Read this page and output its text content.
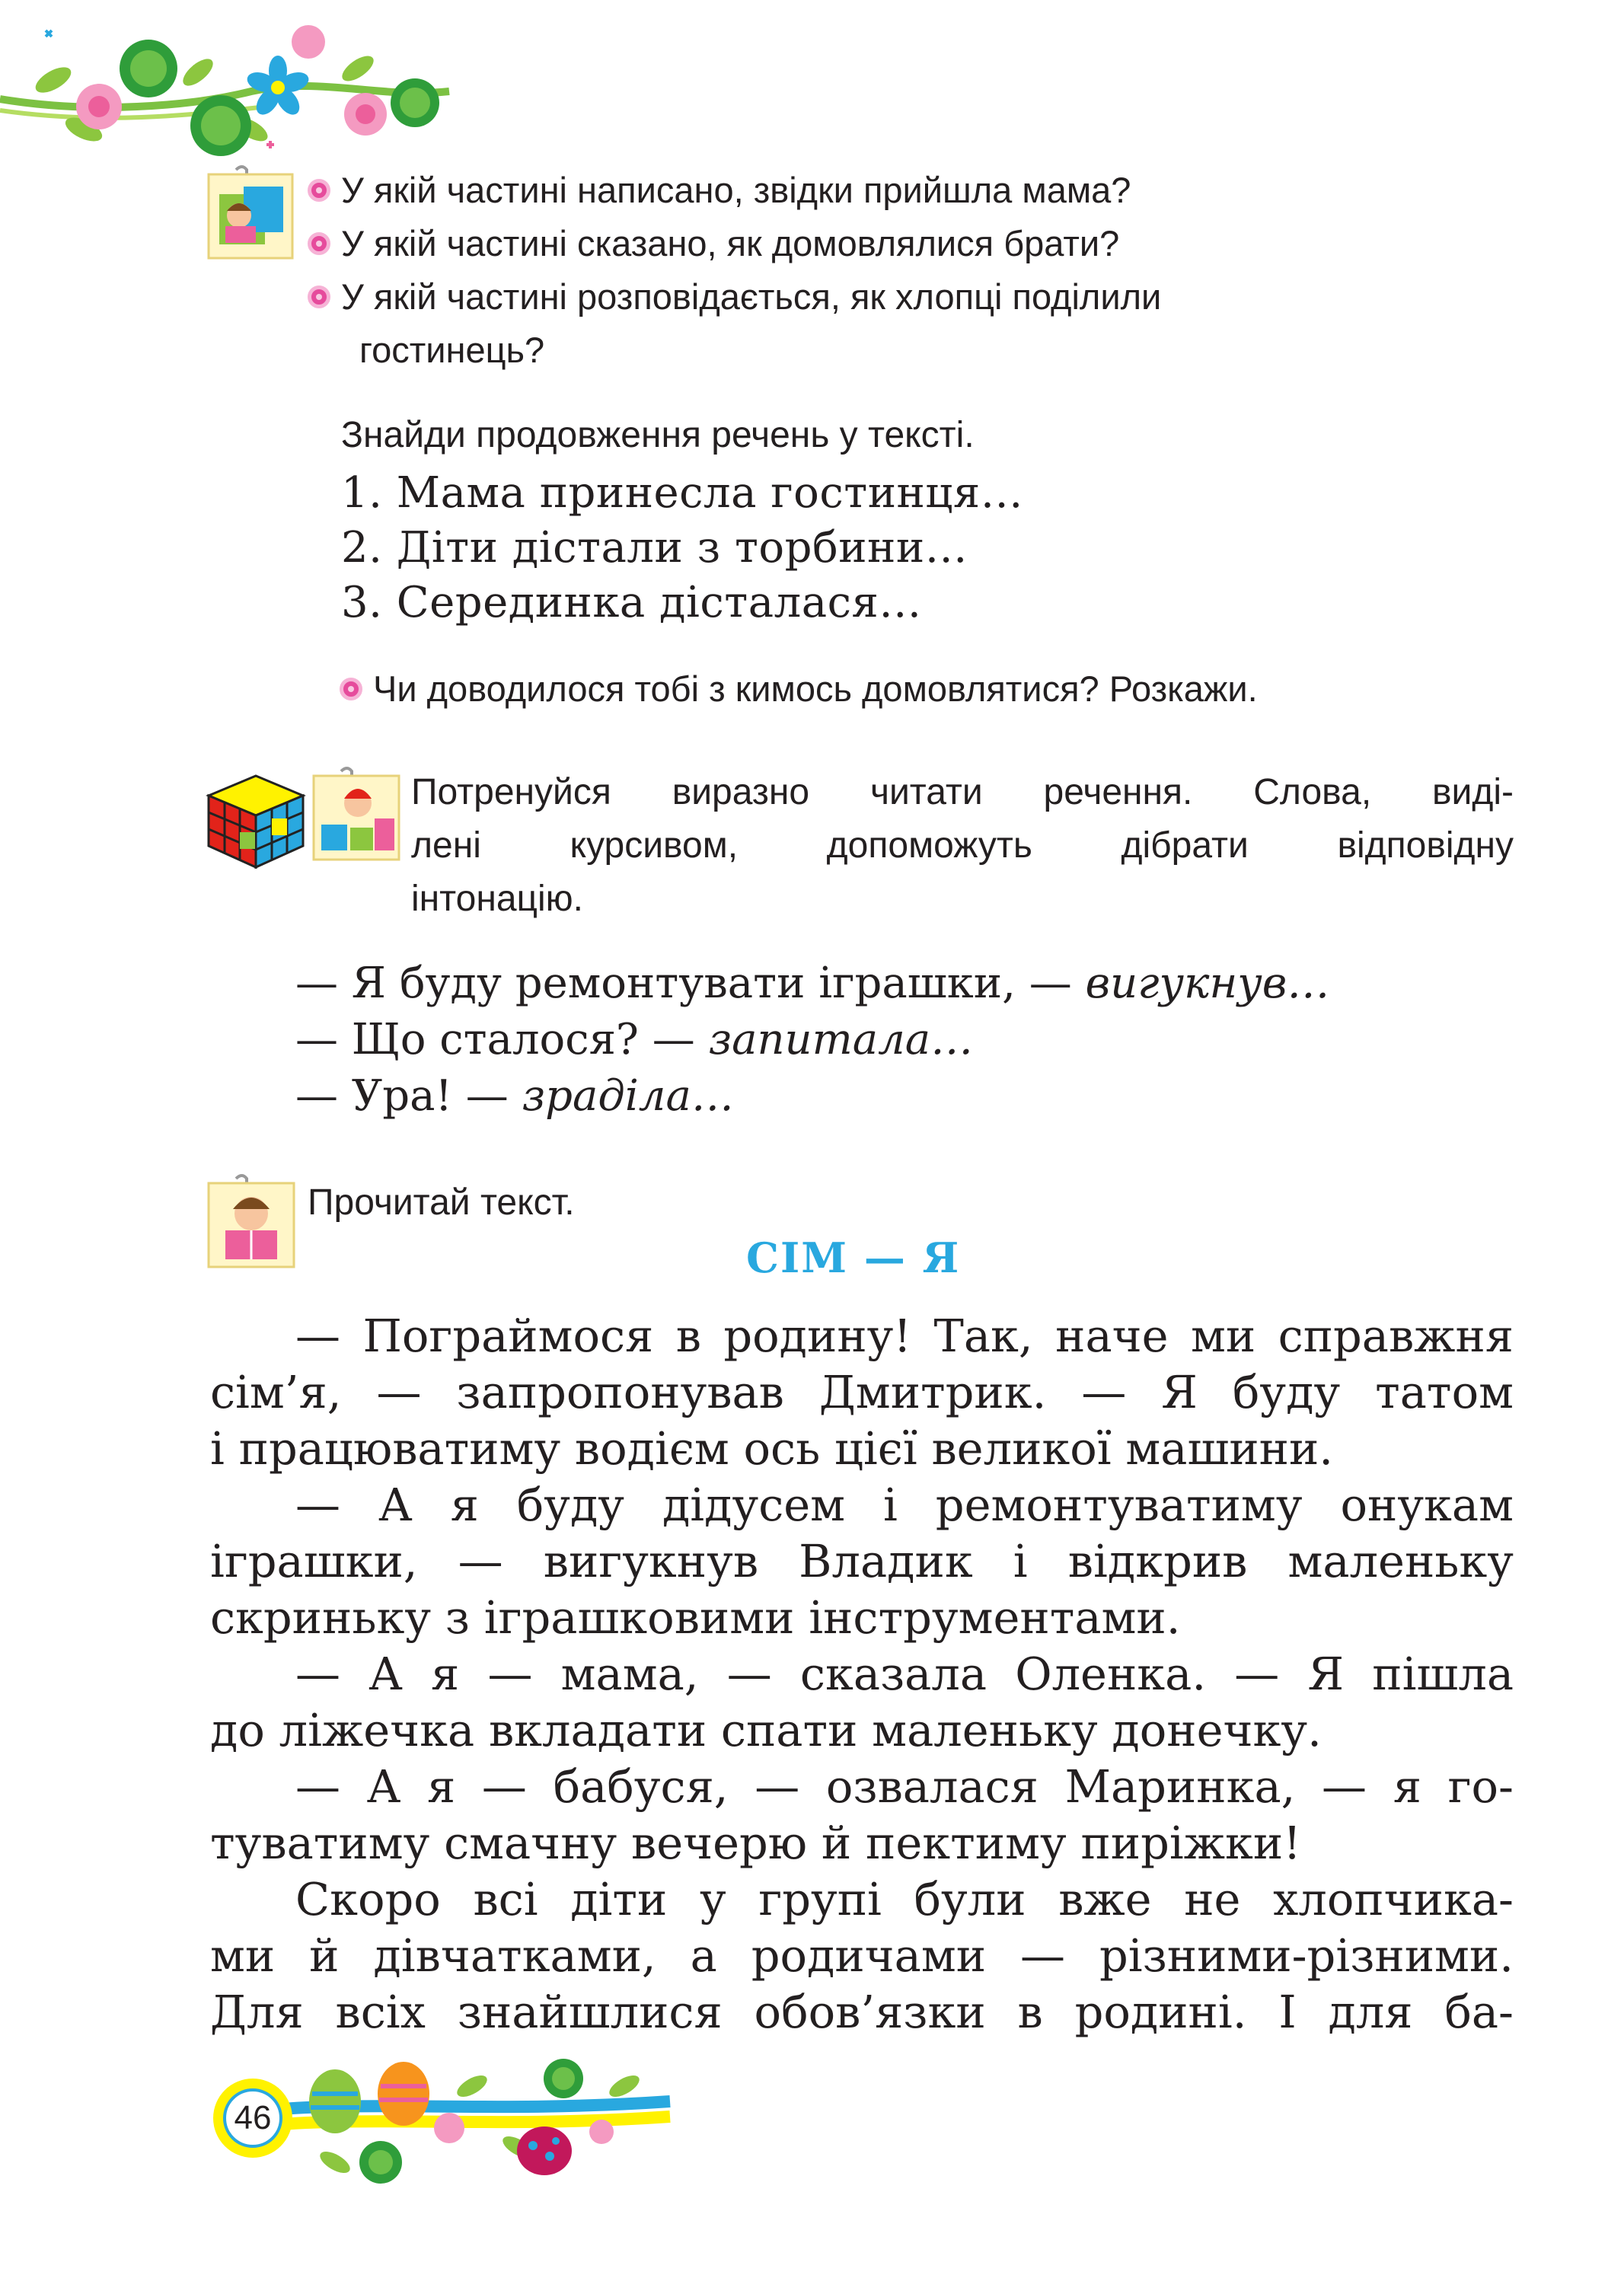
У якій частині написано, звідки прийшла мама?
У якій частині сказано, як домовлялися брати?
У якій частині розповідається, як хлопці поділили
гостинець?
Знайди продовження речень у тексті.
1. Мама принесла гостинця…
2. Діти дістали з торбини…
3. Серединка дісталася…
Чи доводилося тобі з кимось домовлятися? Розкажи.
Потренуйся виразно читати речення. Слова, виді-
лені курсивом, допоможуть дібрати відповідну
інтонацію.
— Я буду ремонтувати іграшки, — вигукнув…
— Що сталося? — запитала…
— Ура! — зраділа…
Прочитай текст.
СІМ — Я

— Пограймося в родину! Так, наче ми справжня

сім’я, — запропонував Дмитрик. — Я буду татом

і працюватиму водієм ось цієї великої машини.

— А я буду дідусем і ремонтуватиму онукам

іграшки, — вигукнув Владик і відкрив маленьку

скриньку з іграшковими інструментами.

— А я — мама, — сказала Оленка. — Я пішла

до ліжечка вкладати спати маленьку донечку.

— А я — бабуся, — озвалася Маринка, — я го-

туватиму смачну вечерю й пектиму пиріжки!

Скоро всі діти у групі були вже не хлопчика-

ми й дівчатками, а родичами — різними-різними.

Для всіх знайшлися обов’язки в родині. І для ба-

46
